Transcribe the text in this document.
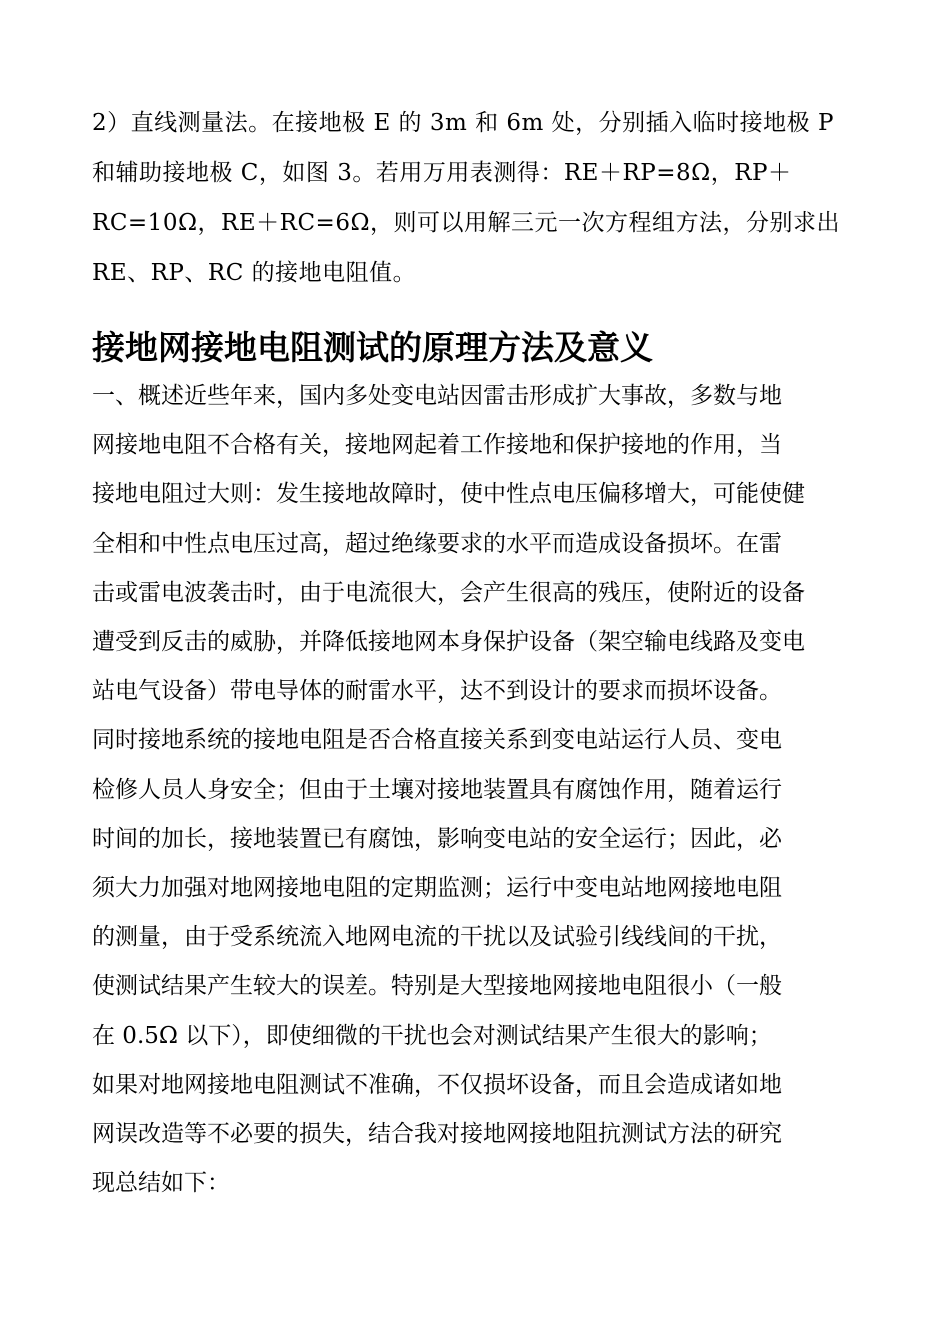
2）直线测量法。在接地极 E 的 3m 和 6m 处，分别插入临时接地极 P
和辅助接地极 C，如图 3。若用万用表测得：RE＋RP=8Ω，RP＋
RC=10Ω，RE＋RC=6Ω，则可以用解三元一次方程组方法，分别求出
RE、RP、RC 的接地电阻值。

接地网接地电阻测试的原理方法及意义

一、概述近些年来，国内多处变电站因雷击形成扩大事故，多数与地
网接地电阻不合格有关，接地网起着工作接地和保护接地的作用，当
接地电阻过大则：发生接地故障时，使中性点电压偏移增大，可能使健
全相和中性点电压过高，超过绝缘要求的水平而造成设备损坏。在雷
击或雷电波袭击时，由于电流很大，会产生很高的残压，使附近的设备
遭受到反击的威胁，并降低接地网本身保护设备（架空输电线路及变电
站电气设备）带电导体的耐雷水平，达不到设计的要求而损坏设备。
同时接地系统的接地电阻是否合格直接关系到变电站运行人员、变电
检修人员人身安全；但由于土壤对接地装置具有腐蚀作用，随着运行
时间的加长，接地装置已有腐蚀，影响变电站的安全运行；因此，必
须大力加强对地网接地电阻的定期监测；运行中变电站地网接地电阻
的测量，由于受系统流入地网电流的干扰以及试验引线线间的干扰，
使测试结果产生较大的误差。特别是大型接地网接地电阻很小（一般
在 0.5Ω 以下），即使细微的干扰也会对测试结果产生很大的影响；
如果对地网接地电阻测试不准确，不仅损坏设备，而且会造成诸如地
网误改造等不必要的损失，结合我对接地网接地阻抗测试方法的研究
现总结如下：
